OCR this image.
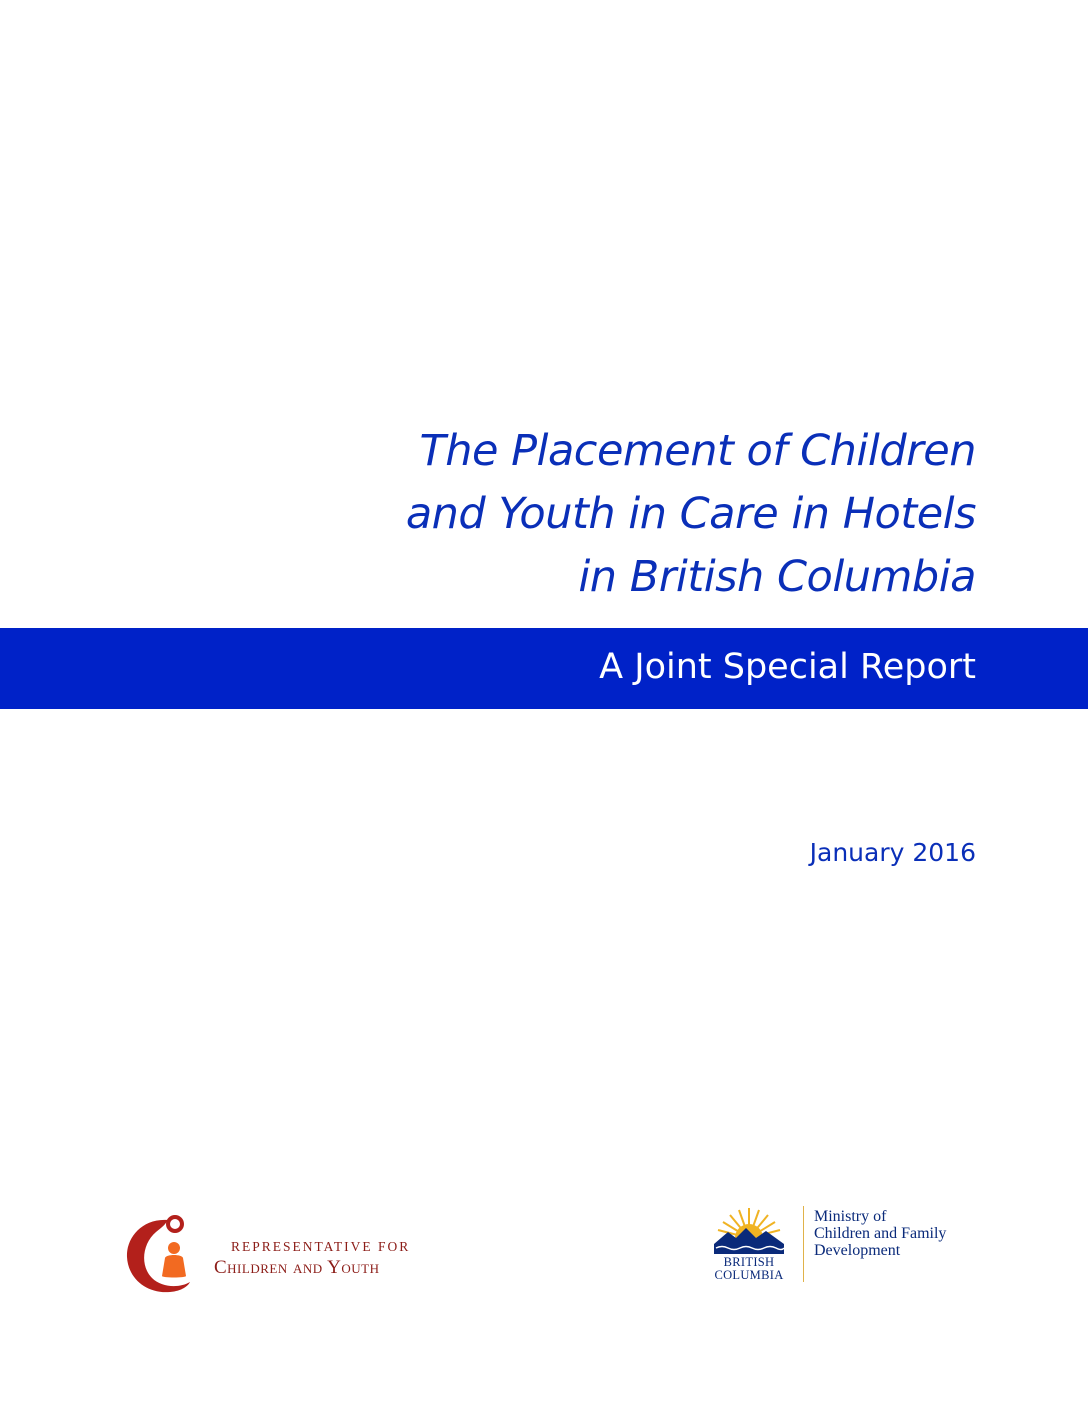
The Placement of Children
and Youth in Care in Hotels
in British Columbia
A Joint Special Report
January 2016
REPRESENTATIVE FOR
Children and Youth	BRITISH
COLUMBIA
Ministry of
Children and Family
Development
